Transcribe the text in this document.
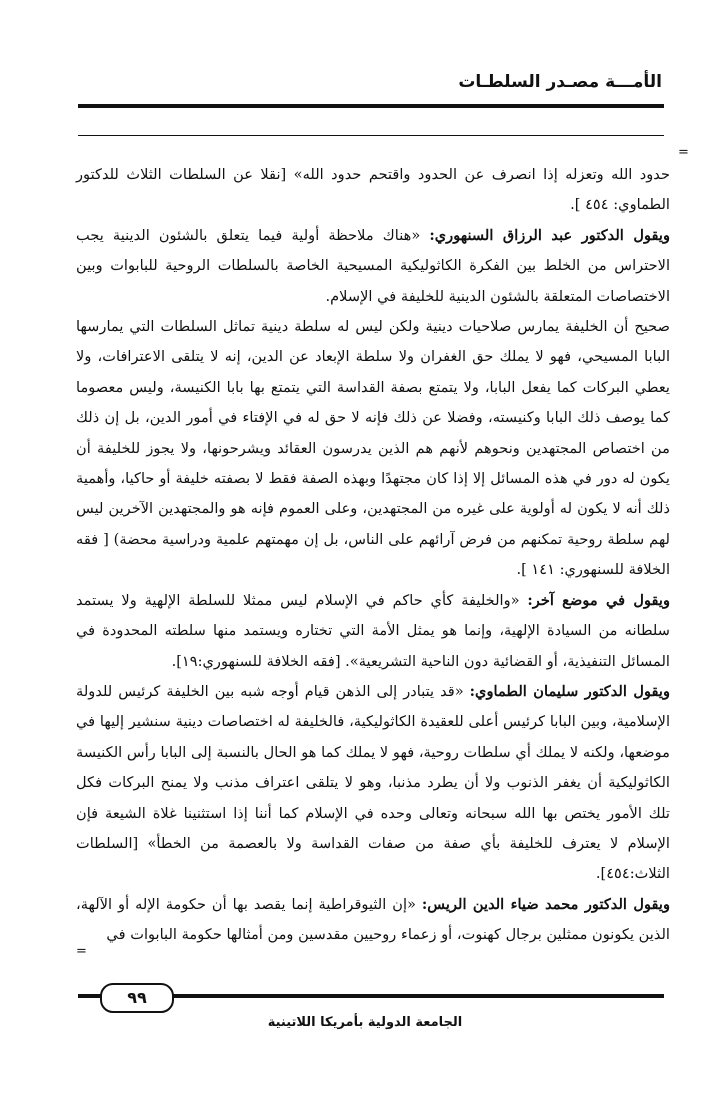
الأمـــة مصـدر السلطـات
=

حدود الله وتعزله إذا انصرف عن الحدود واقتحم حدود الله» [نقلا عن السلطات الثلاث للدكتور الطماوي: ٤٥٤ ].

ويقول الدكتور عبد الرزاق السنهوري: «هناك ملاحظة أولية فيما يتعلق بالشئون الدينية يجب الاحتراس من الخلط بين الفكرة الكاثوليكية المسيحية الخاصة بالسلطات الروحية للبابوات وبين الاختصاصات المتعلقة بالشئون الدينية للخليفة في الإسلام.

صحيح أن الخليفة يمارس صلاحيات دينية ولكن ليس له سلطة دينية تماثل السلطات التي يمارسها البابا المسيحي، فهو لا يملك حق الغفران ولا سلطة الإبعاد عن الدين، إنه لا يتلقى الاعترافات، ولا يعطي البركات كما يفعل البابا، ولا يتمتع بصفة القداسة التي يتمتع بها بابا الكنيسة، وليس معصوما كما يوصف ذلك البابا وكنيسته، وفضلا عن ذلك فإنه لا حق له في الإفتاء في أمور الدين، بل إن ذلك من اختصاص المجتهدين ونحوهم لأنهم هم الذين يدرسون العقائد ويشرحونها، ولا يجوز للخليفة أن يكون له دور في هذه المسائل إلا إذا كان مجتهدًا وبهذه الصفة فقط لا بصفته خليفة أو حاكيا، وأهمية ذلك أنه لا يكون له أولوية على غيره من المجتهدين، وعلى العموم فإنه هو والمجتهدين الآخرين ليس لهم سلطة روحية تمكنهم من فرض آرائهم على الناس، بل إن مهمتهم علمية ودراسية محضة) [ فقه الخلافة للسنهوري: ١٤١ ].

ويقول في موضع آخر: «والخليفة كأي حاكم في الإسلام ليس ممثلا للسلطة الإلهية ولا يستمد سلطانه من السيادة الإلهية، وإنما هو يمثل الأمة التي تختاره ويستمد منها سلطته المحدودة في المسائل التنفيذية، أو القضائية دون الناحية التشريعية». [فقه الخلافة للسنهوري:١٩].

ويقول الدكتور سليمان الطماوي: «قد يتبادر إلى الذهن قيام أوجه شبه بين الخليفة كرئيس للدولة الإسلامية، وبين البابا كرئيس أعلى للعقيدة الكاثوليكية، فالخليفة له اختصاصات دينية سنشير إليها في موضعها، ولكنه لا يملك أي سلطات روحية، فهو لا يملك كما هو الحال بالنسبة إلى البابا رأس الكنيسة الكاثوليكية أن يغفر الذنوب ولا أن يطرد مذنبا، وهو لا يتلقى اعتراف مذنب ولا يمنح البركات فكل تلك الأمور يختص بها الله سبحانه وتعالى وحده في الإسلام كما أننا إذا استثنينا غلاة الشيعة فإن الإسلام لا يعترف للخليفة بأي صفة من صفات القداسة ولا بالعصمة من الخطأ» [السلطات الثلاث:٤٥٤].

ويقول الدكتور محمد ضياء الدين الريس: «إن الثيوقراطية إنما يقصد بها أن حكومة الإله أو الآلهة، الذين يكونون ممثلين برجال كهنوت، أو زعماء روحيين مقدسين ومن أمثالها حكومة البابوات في

=
٩٩
الجامعة الدولية بأمريكا اللاتينية
